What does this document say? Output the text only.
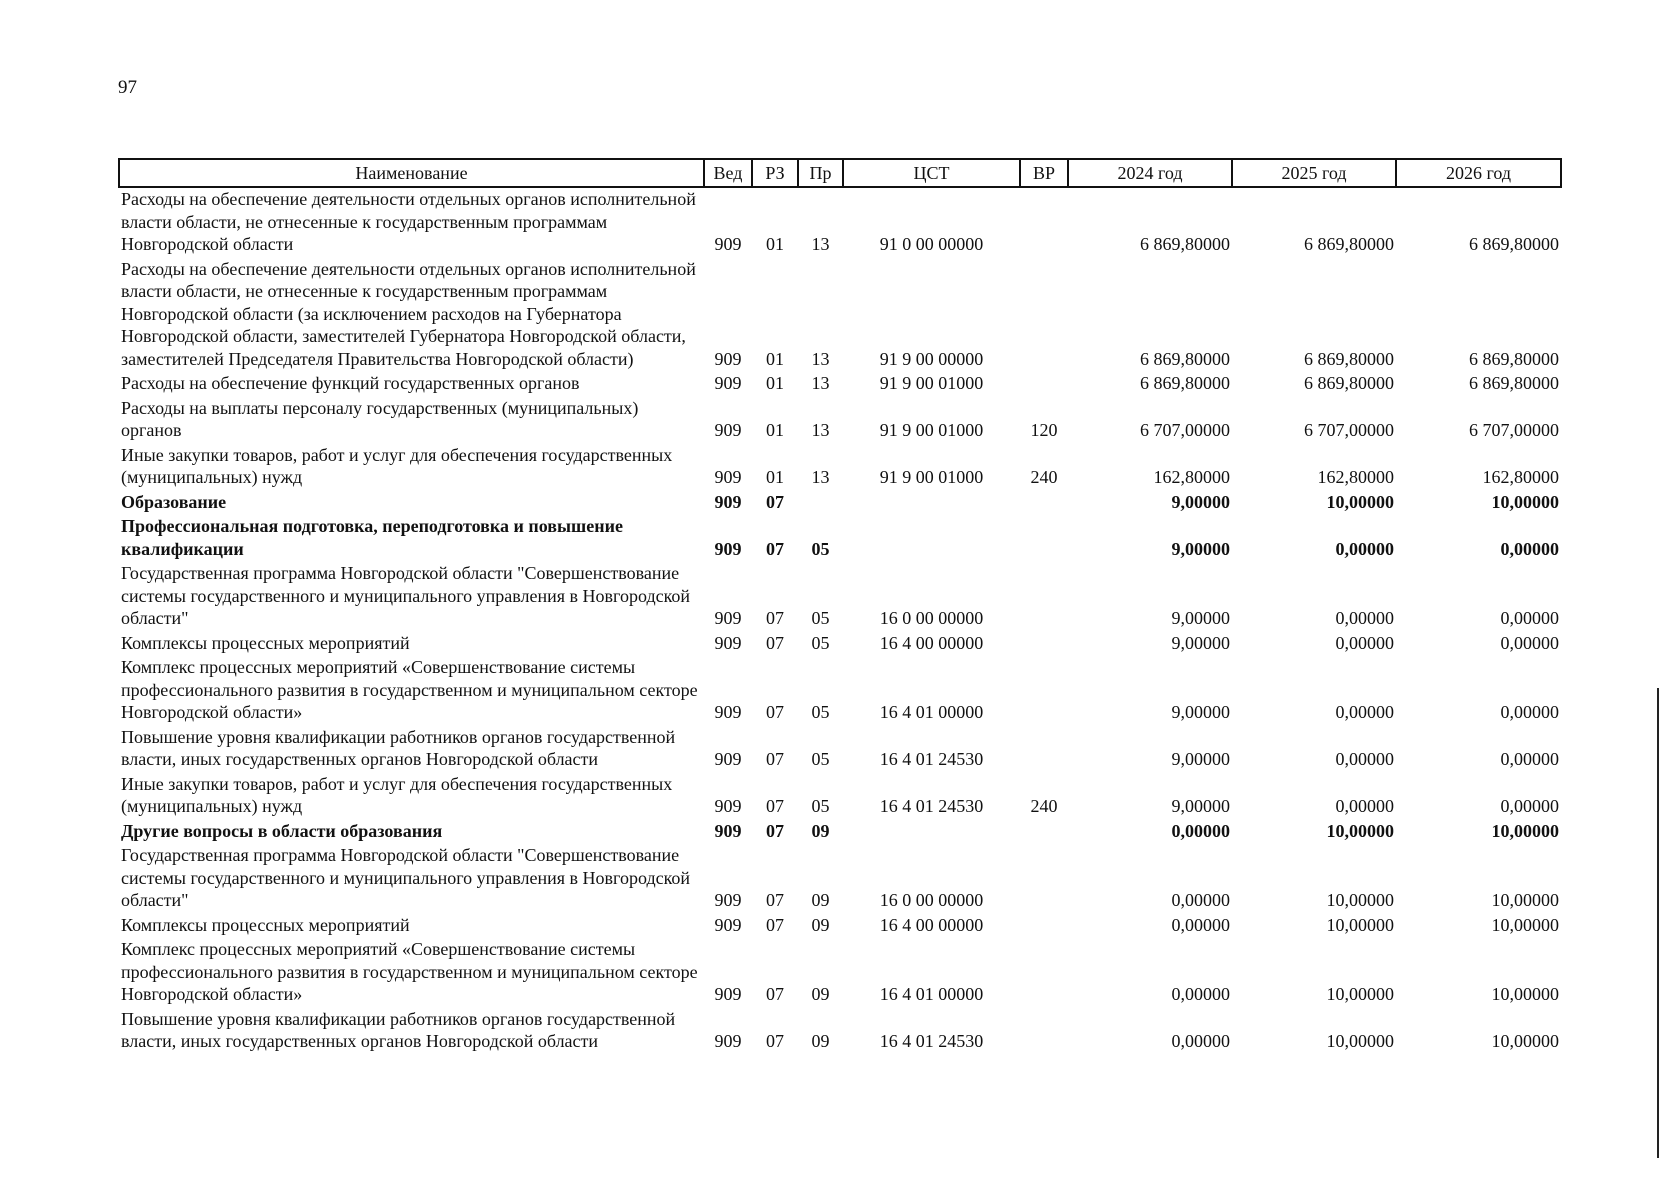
97
Наименование	Вед	РЗ	Пр	ЦСТ	ВР	2024 год	2025 год	2026 год
Расходы на обеспечение деятельности отдельных органов исполнительной власти области, не отнесенные к государственным программам Новгородской области	909	01	13	91 0 00 00000		6 869,80000	6 869,80000	6 869,80000
Расходы на обеспечение деятельности отдельных органов исполнительной власти области, не отнесенные к государственным программам Новгородской области (за исключением расходов на Губернатора Новгородской области, заместителей Губернатора Новгородской области, заместителей Председателя Правительства Новгородской области)	909	01	13	91 9 00 00000		6 869,80000	6 869,80000	6 869,80000
Расходы на обеспечение функций государственных органов	909	01	13	91 9 00 01000		6 869,80000	6 869,80000	6 869,80000
Расходы на выплаты персоналу государственных (муниципальных) органов	909	01	13	91 9 00 01000	120	6 707,00000	6 707,00000	6 707,00000
Иные закупки товаров, работ и услуг для обеспечения государственных (муниципальных) нужд	909	01	13	91 9 00 01000	240	162,80000	162,80000	162,80000
Образование	909	07				9,00000	10,00000	10,00000
Профессиональная подготовка, переподготовка и повышение квалификации	909	07	05			9,00000	0,00000	0,00000
Государственная программа Новгородской области "Совершенствование системы государственного и муниципального управления в Новгородской области"	909	07	05	16 0 00 00000		9,00000	0,00000	0,00000
Комплексы процессных мероприятий	909	07	05	16 4 00 00000		9,00000	0,00000	0,00000
Комплекс процессных мероприятий «Совершенствование системы профессионального развития в государственном и муниципальном секторе Новгородской области»	909	07	05	16 4 01 00000		9,00000	0,00000	0,00000
Повышение уровня квалификации работников органов государственной власти, иных государственных органов Новгородской области	909	07	05	16 4 01 24530		9,00000	0,00000	0,00000
Иные закупки товаров, работ и услуг для обеспечения государственных (муниципальных) нужд	909	07	05	16 4 01 24530	240	9,00000	0,00000	0,00000
Другие вопросы в области образования	909	07	09			0,00000	10,00000	10,00000
Государственная программа Новгородской области "Совершенствование системы государственного и муниципального управления в Новгородской области"	909	07	09	16 0 00 00000		0,00000	10,00000	10,00000
Комплексы процессных мероприятий	909	07	09	16 4 00 00000		0,00000	10,00000	10,00000
Комплекс процессных мероприятий «Совершенствование системы профессионального развития в государственном и муниципальном секторе Новгородской области»	909	07	09	16 4 01 00000		0,00000	10,00000	10,00000
Повышение уровня квалификации работников органов государственной власти, иных государственных органов Новгородской области	909	07	09	16 4 01 24530		0,00000	10,00000	10,00000
